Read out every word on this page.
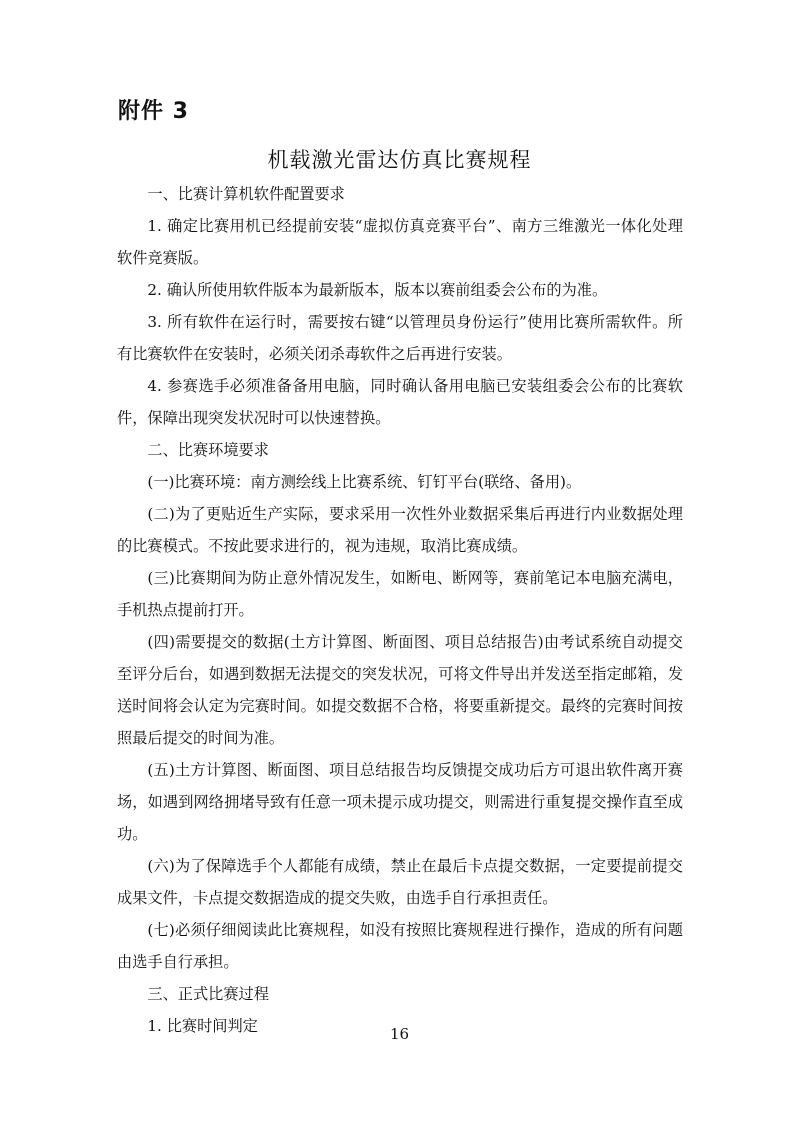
附件 3
机载激光雷达仿真比赛规程

一、比赛计算机软件配置要求

1. 确定比赛用机已经提前安装“虚拟仿真竞赛平台”、南方三维激光一体化处理软件竞赛版。

2. 确认所使用软件版本为最新版本，版本以赛前组委会公布的为准。

3. 所有软件在运行时，需要按右键“以管理员身份运行”使用比赛所需软件。所有比赛软件在安装时，必须关闭杀毒软件之后再进行安装。

4. 参赛选手必须准备备用电脑，同时确认备用电脑已安装组委会公布的比赛软件，保障出现突发状况时可以快速替换。

二、比赛环境要求

(一)比赛环境：南方测绘线上比赛系统、钉钉平台(联络、备用)。

(二)为了更贴近生产实际，要求采用一次性外业数据采集后再进行内业数据处理的比赛模式。不按此要求进行的，视为违规，取消比赛成绩。

(三)比赛期间为防止意外情况发生，如断电、断网等，赛前笔记本电脑充满电，手机热点提前打开。

(四)需要提交的数据(土方计算图、断面图、项目总结报告)由考试系统自动提交至评分后台，如遇到数据无法提交的突发状况，可将文件导出并发送至指定邮箱，发送时间将会认定为完赛时间。如提交数据不合格，将要重新提交。最终的完赛时间按照最后提交的时间为准。

(五)土方计算图、断面图、项目总结报告均反馈提交成功后方可退出软件离开赛场，如遇到网络拥堵导致有任意一项未提示成功提交，则需进行重复提交操作直至成功。

(六)为了保障选手个人都能有成绩，禁止在最后卡点提交数据，一定要提前提交成果文件，卡点提交数据造成的提交失败，由选手自行承担责任。

(七)必须仔细阅读此比赛规程，如没有按照比赛规程进行操作，造成的所有问题由选手自行承担。

三、正式比赛过程

1. 比赛时间判定	16
